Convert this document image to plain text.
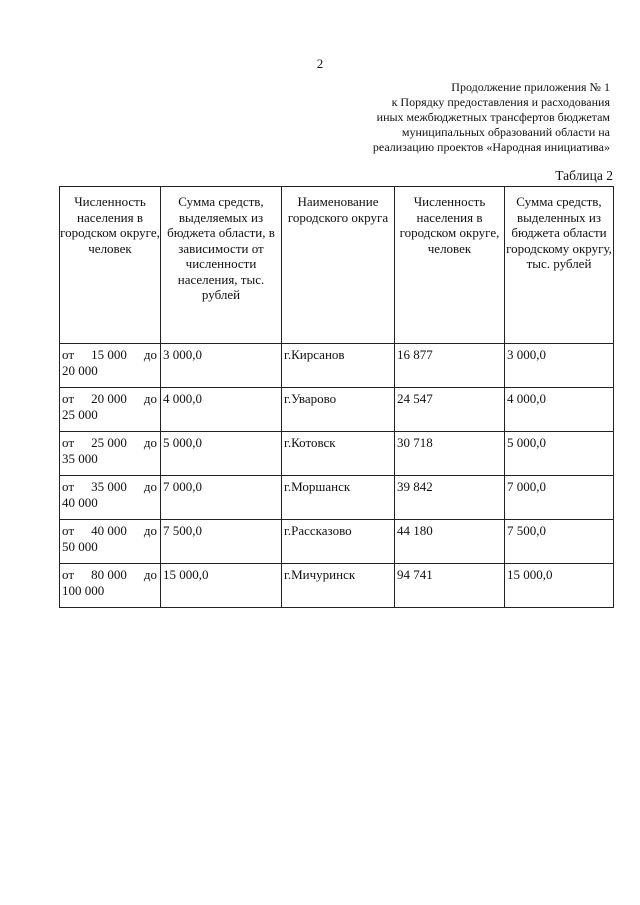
2
Продолжение приложения № 1
к Порядку предоставления и расходования
иных межбюджетных трансфертов бюджетам
муниципальных образований области на
реализацию проектов «Народная инициатива»
Таблица 2
Численность населения в городском округе, человек	Сумма средств, выделяемых из бюджета области, в зависимости от численности населения, тыс. рублей	Наименование городского округа	Численность населения в городском округе, человек	Сумма средств, выделенных из бюджета области городскому округу, тыс. рублей

от 15 000 до
20 000	3 000,0	г.Кирсанов	16 877	3 000,0

от 20 000 до
25 000	4 000,0	г.Уварово	24 547	4 000,0

от 25 000 до
35 000	5 000,0	г.Котовск	30 718	5 000,0

от 35 000 до
40 000	7 000,0	г.Моршанск	39 842	7 000,0

от 40 000 до
50 000	7 500,0	г.Рассказово	44 180	7 500,0

от 80 000 до
100 000	15 000,0	г.Мичуринск	94 741	15 000,0
